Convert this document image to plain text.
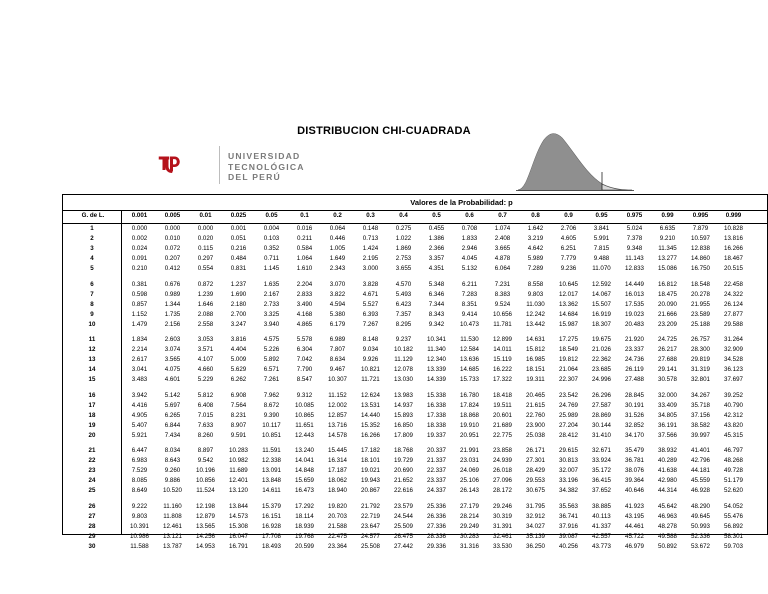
DISTRIBUCION CHI-CUADRADA
UNIVERSIDAD
TECNOLÓGICA
DEL PERÚ
Valores de la Probabilidad: p
G. de L.	0.001	0.005	0.01	0.025	0.05	0.1	0.2	0.3	0.4	0.5	0.6	0.7	0.8	0.9	0.95	0.975	0.99	0.995	0.999
1	0.000	0.000	0.000	0.001	0.004	0.016	0.064	0.148	0.275	0.455	0.708	1.074	1.642	2.706	3.841	5.024	6.635	7.879	10.828
2	0.002	0.010	0.020	0.051	0.103	0.211	0.446	0.713	1.022	1.386	1.833	2.408	3.219	4.605	5.991	7.378	9.210	10.597	13.816
3	0.024	0.072	0.115	0.216	0.352	0.584	1.005	1.424	1.869	2.366	2.946	3.665	4.642	6.251	7.815	9.348	11.345	12.838	16.266
4	0.091	0.207	0.297	0.484	0.711	1.064	1.649	2.195	2.753	3.357	4.045	4.878	5.989	7.779	9.488	11.143	13.277	14.860	18.467
5	0.210	0.412	0.554	0.831	1.145	1.610	2.343	3.000	3.655	4.351	5.132	6.064	7.289	9.236	11.070	12.833	15.086	16.750	20.515
6	0.381	0.676	0.872	1.237	1.635	2.204	3.070	3.828	4.570	5.348	6.211	7.231	8.558	10.645	12.592	14.449	16.812	18.548	22.458
7	0.598	0.989	1.239	1.690	2.167	2.833	3.822	4.671	5.493	6.346	7.283	8.383	9.803	12.017	14.067	16.013	18.475	20.278	24.322
8	0.857	1.344	1.646	2.180	2.733	3.490	4.594	5.527	6.423	7.344	8.351	9.524	11.030	13.362	15.507	17.535	20.090	21.955	26.124
9	1.152	1.735	2.088	2.700	3.325	4.168	5.380	6.393	7.357	8.343	9.414	10.656	12.242	14.684	16.919	19.023	21.666	23.589	27.877
10	1.479	2.156	2.558	3.247	3.940	4.865	6.179	7.267	8.295	9.342	10.473	11.781	13.442	15.987	18.307	20.483	23.209	25.188	29.588
11	1.834	2.603	3.053	3.816	4.575	5.578	6.989	8.148	9.237	10.341	11.530	12.899	14.631	17.275	19.675	21.920	24.725	26.757	31.264
12	2.214	3.074	3.571	4.404	5.226	6.304	7.807	9.034	10.182	11.340	12.584	14.011	15.812	18.549	21.026	23.337	26.217	28.300	32.909
13	2.617	3.565	4.107	5.009	5.892	7.042	8.634	9.926	11.129	12.340	13.636	15.119	16.985	19.812	22.362	24.736	27.688	29.819	34.528
14	3.041	4.075	4.660	5.629	6.571	7.790	9.467	10.821	12.078	13.339	14.685	16.222	18.151	21.064	23.685	26.119	29.141	31.319	36.123
15	3.483	4.601	5.229	6.262	7.261	8.547	10.307	11.721	13.030	14.339	15.733	17.322	19.311	22.307	24.996	27.488	30.578	32.801	37.697
16	3.942	5.142	5.812	6.908	7.962	9.312	11.152	12.624	13.983	15.338	16.780	18.418	20.465	23.542	26.296	28.845	32.000	34.267	39.252
17	4.416	5.697	6.408	7.564	8.672	10.085	12.002	13.531	14.937	16.338	17.824	19.511	21.615	24.769	27.587	30.191	33.409	35.718	40.790
18	4.905	6.265	7.015	8.231	9.390	10.865	12.857	14.440	15.893	17.338	18.868	20.601	22.760	25.989	28.869	31.526	34.805	37.156	42.312
19	5.407	6.844	7.633	8.907	10.117	11.651	13.716	15.352	16.850	18.338	19.910	21.689	23.900	27.204	30.144	32.852	36.191	38.582	43.820
20	5.921	7.434	8.260	9.591	10.851	12.443	14.578	16.266	17.809	19.337	20.951	22.775	25.038	28.412	31.410	34.170	37.566	39.997	45.315
21	6.447	8.034	8.897	10.283	11.591	13.240	15.445	17.182	18.768	20.337	21.991	23.858	26.171	29.615	32.671	35.479	38.932	41.401	46.797
22	6.983	8.643	9.542	10.982	12.338	14.041	16.314	18.101	19.729	21.337	23.031	24.939	27.301	30.813	33.924	36.781	40.289	42.796	48.268
23	7.529	9.260	10.196	11.689	13.091	14.848	17.187	19.021	20.690	22.337	24.069	26.018	28.429	32.007	35.172	38.076	41.638	44.181	49.728
24	8.085	9.886	10.856	12.401	13.848	15.659	18.062	19.943	21.652	23.337	25.106	27.096	29.553	33.196	36.415	39.364	42.980	45.559	51.179
25	8.649	10.520	11.524	13.120	14.611	16.473	18.940	20.867	22.616	24.337	26.143	28.172	30.675	34.382	37.652	40.646	44.314	46.928	52.620
26	9.222	11.160	12.198	13.844	15.379	17.292	19.820	21.792	23.579	25.336	27.179	29.246	31.795	35.563	38.885	41.923	45.642	48.290	54.052
27	9.803	11.808	12.879	14.573	16.151	18.114	20.703	22.719	24.544	26.336	28.214	30.319	32.912	36.741	40.113	43.195	46.963	49.645	55.476
28	10.391	12.461	13.565	15.308	16.928	18.939	21.588	23.647	25.509	27.336	29.249	31.391	34.027	37.916	41.337	44.461	48.278	50.993	56.892
29	10.986	13.121	14.256	16.047	17.708	19.768	22.475	24.577	26.475	28.336	30.283	32.461	35.139	39.087	42.557	45.722	49.588	52.336	58.301
30	11.588	13.787	14.953	16.791	18.493	20.599	23.364	25.508	27.442	29.336	31.316	33.530	36.250	40.256	43.773	46.979	50.892	53.672	59.703
